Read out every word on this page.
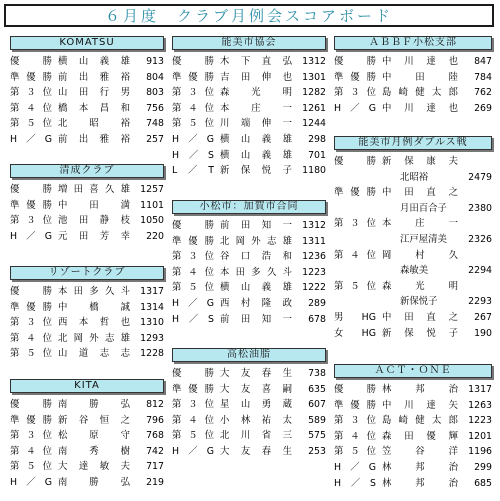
６月度　クラブ月例会スコアボード
KOMATSU
優勝 横山義雄	913
準優勝 前出雅裕	804
第３位 山田行男	803
第４位 橋本昌和	756
第５位 北昭裕	748
H／G 前出雅裕	257
清成クラブ
優勝 増田喜久雄	1257
準優勝 中田満	1101
第３位 池田静枝	1050
H／G 元田芳幸	220
リゾートクラブ
優勝 本田多久斗	1317
準優勝 中橋誠	1314
第３位 西本哲也	1310
第４位 北岡外志雄	1293
第５位 山道志志	1228
KITA
優勝 南勝弘	812
準優勝 新谷恒之	796
第３位 松原守	768
第４位 南秀樹	742
第５位 大達敏夫	717
H／G 南勝弘	219
能美市協会
優勝 木下直弘	1312
準優勝 吉田伸也	1301
第３位 森光明	1282
第４位 本庄一	1261
第５位 川端伸一	1244
H／G 横山義雄	298
H／S 横山義雄	701
L／T 新保悦子	1180
小松市：加賀市合同
優勝 前田知一	1312
準優勝 北岡外志雄	1311
第３位 谷口浩和	1236
第４位 本田多久斗	1223
第５位 横山義雄	1222
H／G 西村隆政	289
H／S 前田知一	678
高松油脂
優勝 大友春生	738
準優勝 大友喜嗣	635
第３位 星山勇蔵	607
第４位 小林祐太	589
第５位 北川省三	575
H／G 大友春生	253
ＡＢＢＦ小松支部
優勝 中川達也	847
準優勝 中田陸	784
第３位 島崎健太郎	762
H／G 中川達也	269
能美市月例ダブルス戦
優勝 新保康夫
北昭裕	2479
準優勝 中田直之
月田百合子	2380
第３位 本庄一
江戸屋清美	2326
第４位 岡村久
森敏美	2294
第５位 森光明
新保悦子	2293
男HG 中田直之	267
女HG 新保悦子	190
ＡＣＴ・ＯＮＥ
優勝 林邦治	1317
準優勝 中川達矢	1263
第３位 島崎健太郎	1223
第４位 森田優輝	1201
第５位 笠谷洋	1196
H／G 林邦治	299
H／S 林邦治	685
